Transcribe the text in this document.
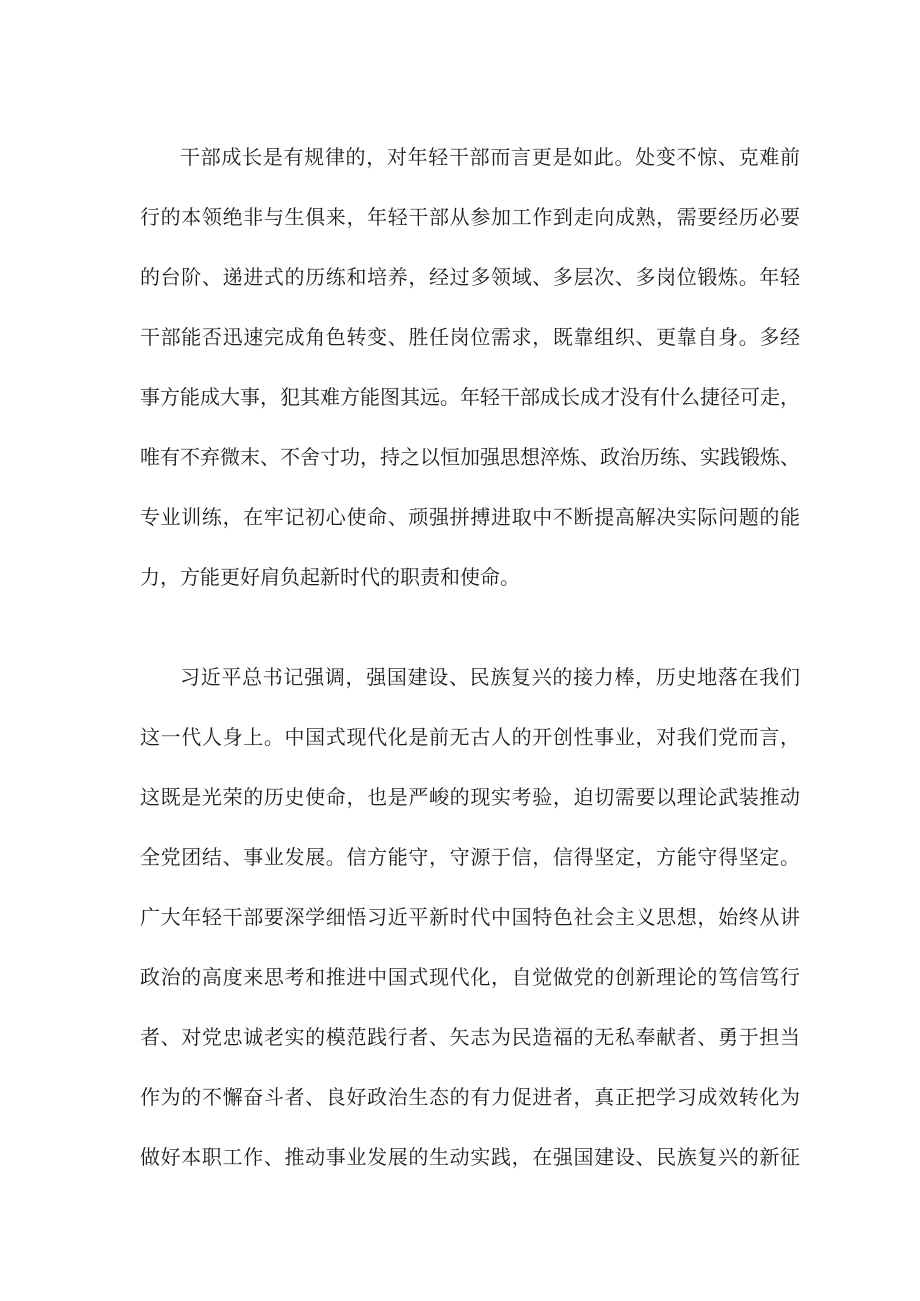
干部成长是有规律的，对年轻干部而言更是如此。处变不惊、克难前
行的本领绝非与生俱来，年轻干部从参加工作到走向成熟，需要经历必要
的台阶、递进式的历练和培养，经过多领域、多层次、多岗位锻炼。年轻
干部能否迅速完成角色转变、胜任岗位需求，既靠组织、更靠自身。多经
事方能成大事，犯其难方能图其远。年轻干部成长成才没有什么捷径可走，
唯有不弃微末、不舍寸功，持之以恒加强思想淬炼、政治历练、实践锻炼、
专业训练，在牢记初心使命、顽强拼搏进取中不断提高解决实际问题的能
力，方能更好肩负起新时代的职责和使命。
习近平总书记强调，强国建设、民族复兴的接力棒，历史地落在我们
这一代人身上。中国式现代化是前无古人的开创性事业，对我们党而言，
这既是光荣的历史使命，也是严峻的现实考验，迫切需要以理论武装推动
全党团结、事业发展。信方能守，守源于信，信得坚定，方能守得坚定。
广大年轻干部要深学细悟习近平新时代中国特色社会主义思想，始终从讲
政治的高度来思考和推进中国式现代化，自觉做党的创新理论的笃信笃行
者、对党忠诚老实的模范践行者、矢志为民造福的无私奉献者、勇于担当
作为的不懈奋斗者、良好政治生态的有力促进者，真正把学习成效转化为
做好本职工作、推动事业发展的生动实践，在强国建设、民族复兴的新征
